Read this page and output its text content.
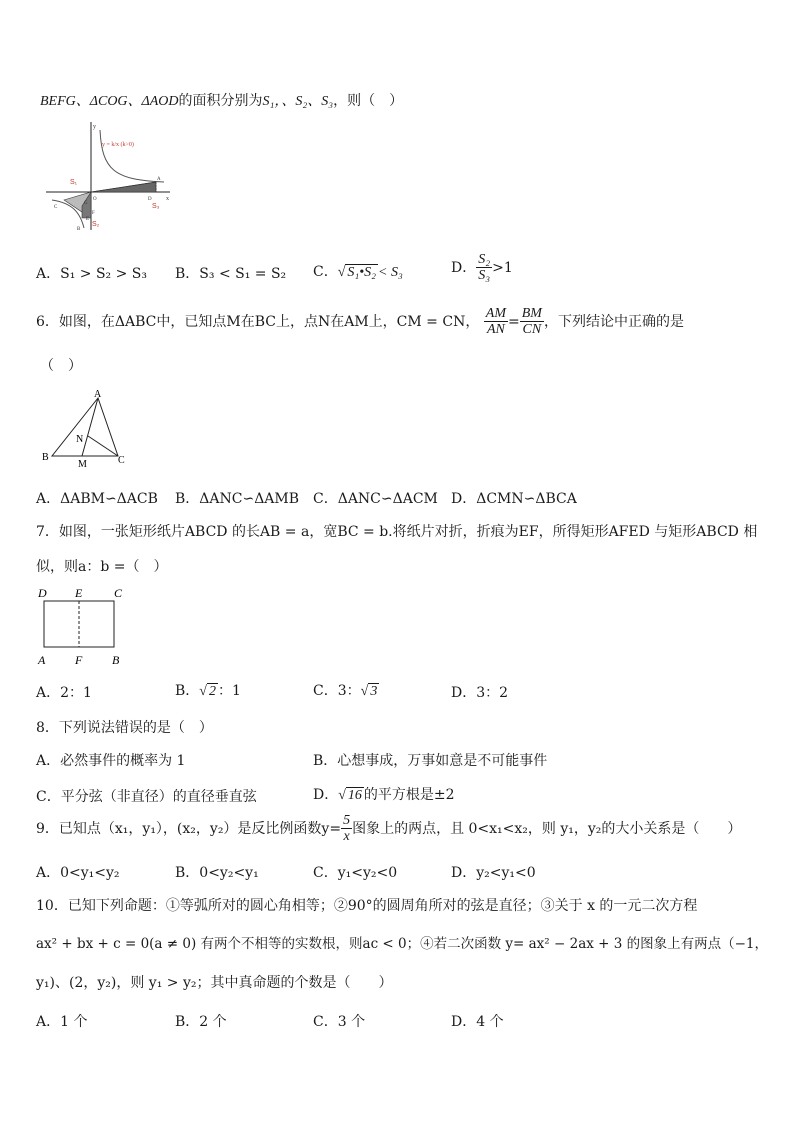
BEFG、ΔCOG、ΔAOD的面积分别为S₁，、S₂、S₃，则（　）
y = k/x (k>0)
S₁
S₂
S₃
y
x
O
A
B
C
D
E
F
G
A．S₁ > S₂ > S₃ B．S₃ < S₁ = S₂ C．√ S₁•S₂ < S₃	D． $\frac{\text{S₂}}{\text{S₃}} >1$
6．如图，在ΔABC中，已知点M在BC上，点N在AM上，CM = CN， $\frac{AM}{AN} = \frac{BM}{CN}$ ，下列结论中正确的是
（　）
A
B	C
M
N
A．ΔABM∽ΔACB B．ΔANC∽ΔAMB C．ΔANC∽ΔACM D．ΔCMN∽ΔBCA
7．如图，一张矩形纸片ABCD 的长AB = a，宽BC = b.将纸片对折，折痕为EF，所得矩形AFED 与矩形ABCD 相
似，则a：b =（　）
D E	C
A F B
A．2：1	B．√ 2 ：1	C．3：√ 3	D．3：2
8．下列说法错误的是（　）
A．必然事件的概率为 1	B．心想事成，万事如意是不可能事件
C．平分弦（非直径）的直径垂直弦	D．√ 16 的平方根是±2
9．已知点（x₁，y₁），(x₂，y₂）是反比例函数$y= \frac{5}{x}$ 图象上的两点，且 0<x₁<x₂，则 y₁，y₂的大小关系是（　　）
A．0<y₁<y₂	B．0<y₂<y₁	C．y₁<y₂<0	D．y₂<y₁<0
10．已知下列命题：①等弧所对的圆心角相等；②90°的圆周角所对的弦是直径；③关于 x 的一元二次方程
ax² + bx + c = 0(a ≠ 0) 有两个不相等的实数根，则ac < 0；④若二次函数 y= ax² − 2ax + 3 的图象上有两点（−1，
y₁)、(2，y₂)，则 y₁ > y₂；其中真命题的个数是（　　）
A．1 个	B．2 个	C．3 个	D．4 个
